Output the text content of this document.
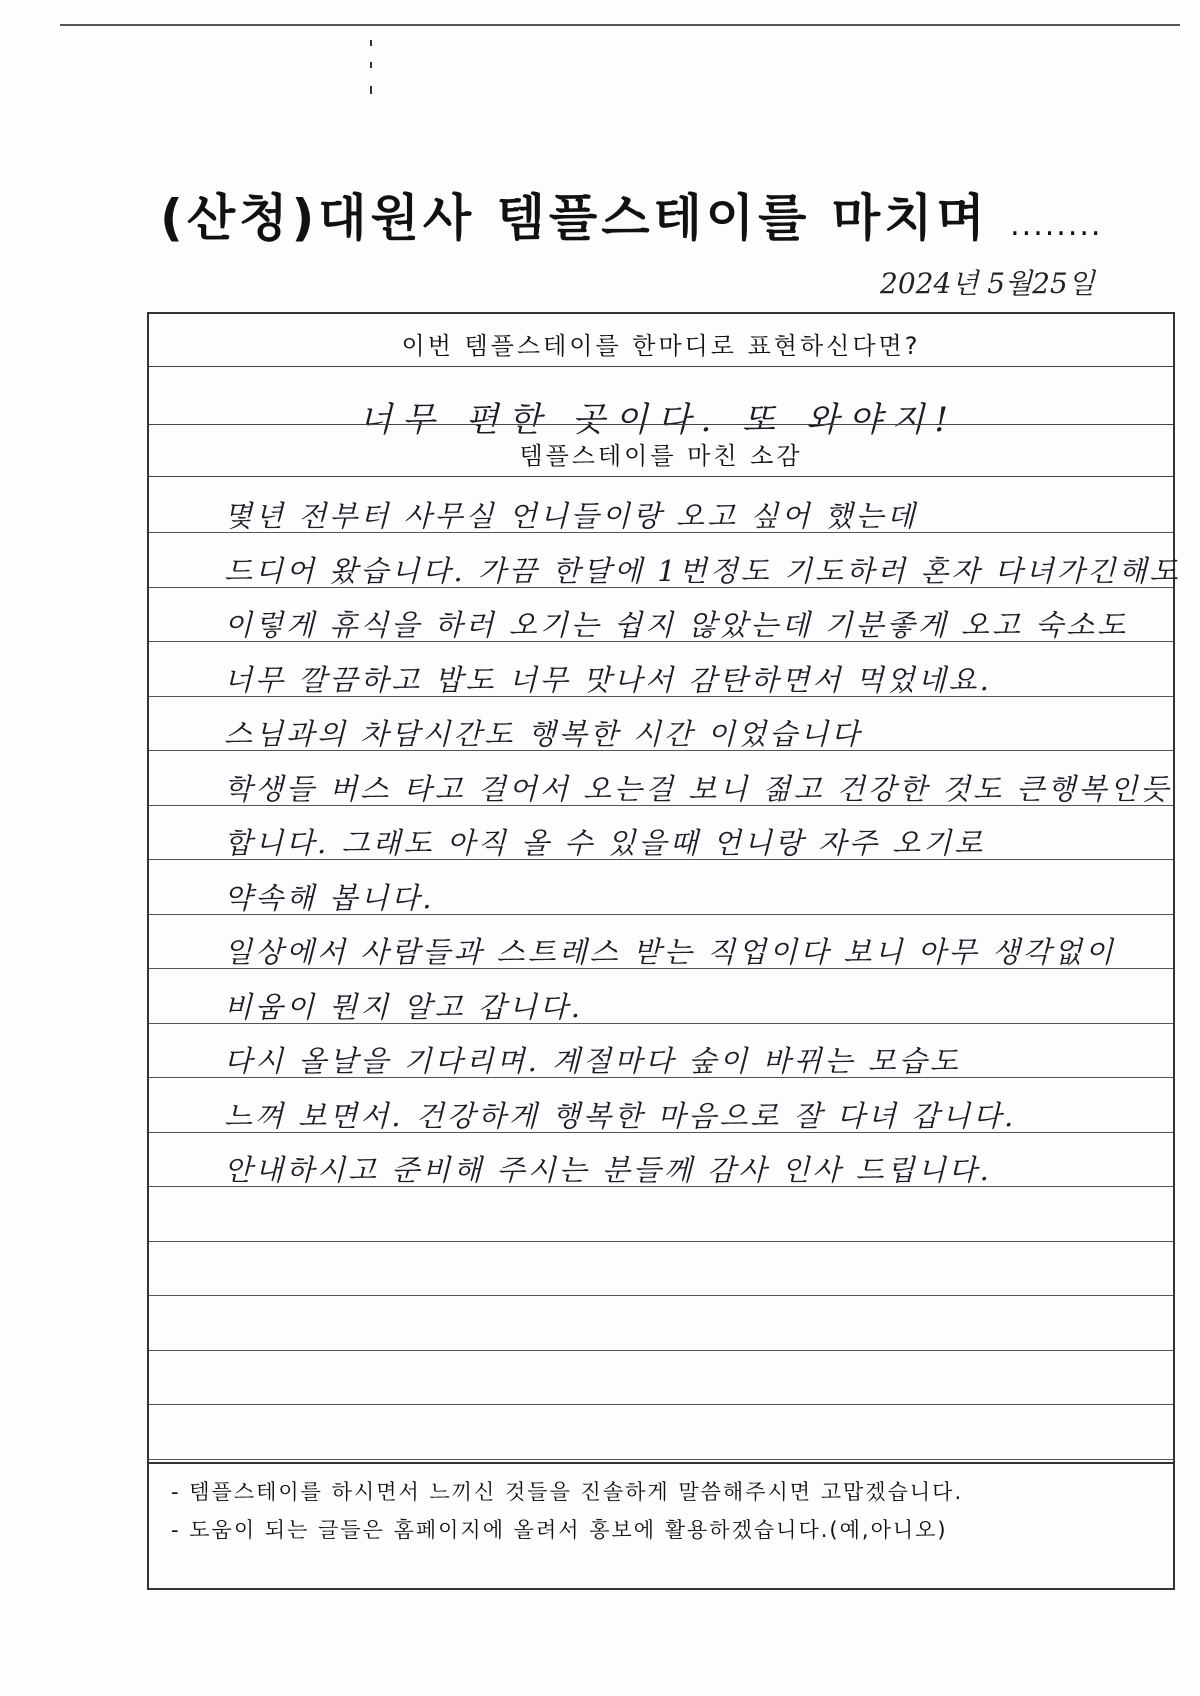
(산청)대원사 템플스테이를 마치며 ........
2024년 5월25일
이번 템플스테이를 한마디로 표현하신다면?
너무 편한 곳이다. 또 와야지!
템플스테이를 마친 소감
- 템플스테이를 하시면서 느끼신 것들을 진솔하게 말씀해주시면 고맙겠습니다.
- 도움이 되는 글들은 홈페이지에 올려서 홍보에 활용하겠습니다.(예,아니오)
몇년 전부터 사무실 언니들이랑 오고 싶어 했는데
드디어 왔습니다. 가끔 한달에 1번정도 기도하러 혼자 다녀가긴해도
이렇게 휴식을 하러 오기는 쉽지 않았는데 기분좋게 오고 숙소도
너무 깔끔하고 밥도 너무 맛나서 감탄하면서 먹었네요.
스님과의 차담시간도 행복한 시간 이었습니다
학생들 버스 타고 걸어서 오는걸 보니 젊고 건강한 것도 큰행복인듯
합니다. 그래도 아직 올 수 있을때 언니랑 자주 오기로
약속해 봅니다.
일상에서 사람들과 스트레스 받는 직업이다 보니 아무 생각없이
비움이 뭔지 알고 갑니다.
다시 올날을 기다리며. 계절마다 숲이 바뀌는 모습도
느껴 보면서. 건강하게 행복한 마음으로 잘 다녀 갑니다.
안내하시고 준비해 주시는 분들께 감사 인사 드립니다.
